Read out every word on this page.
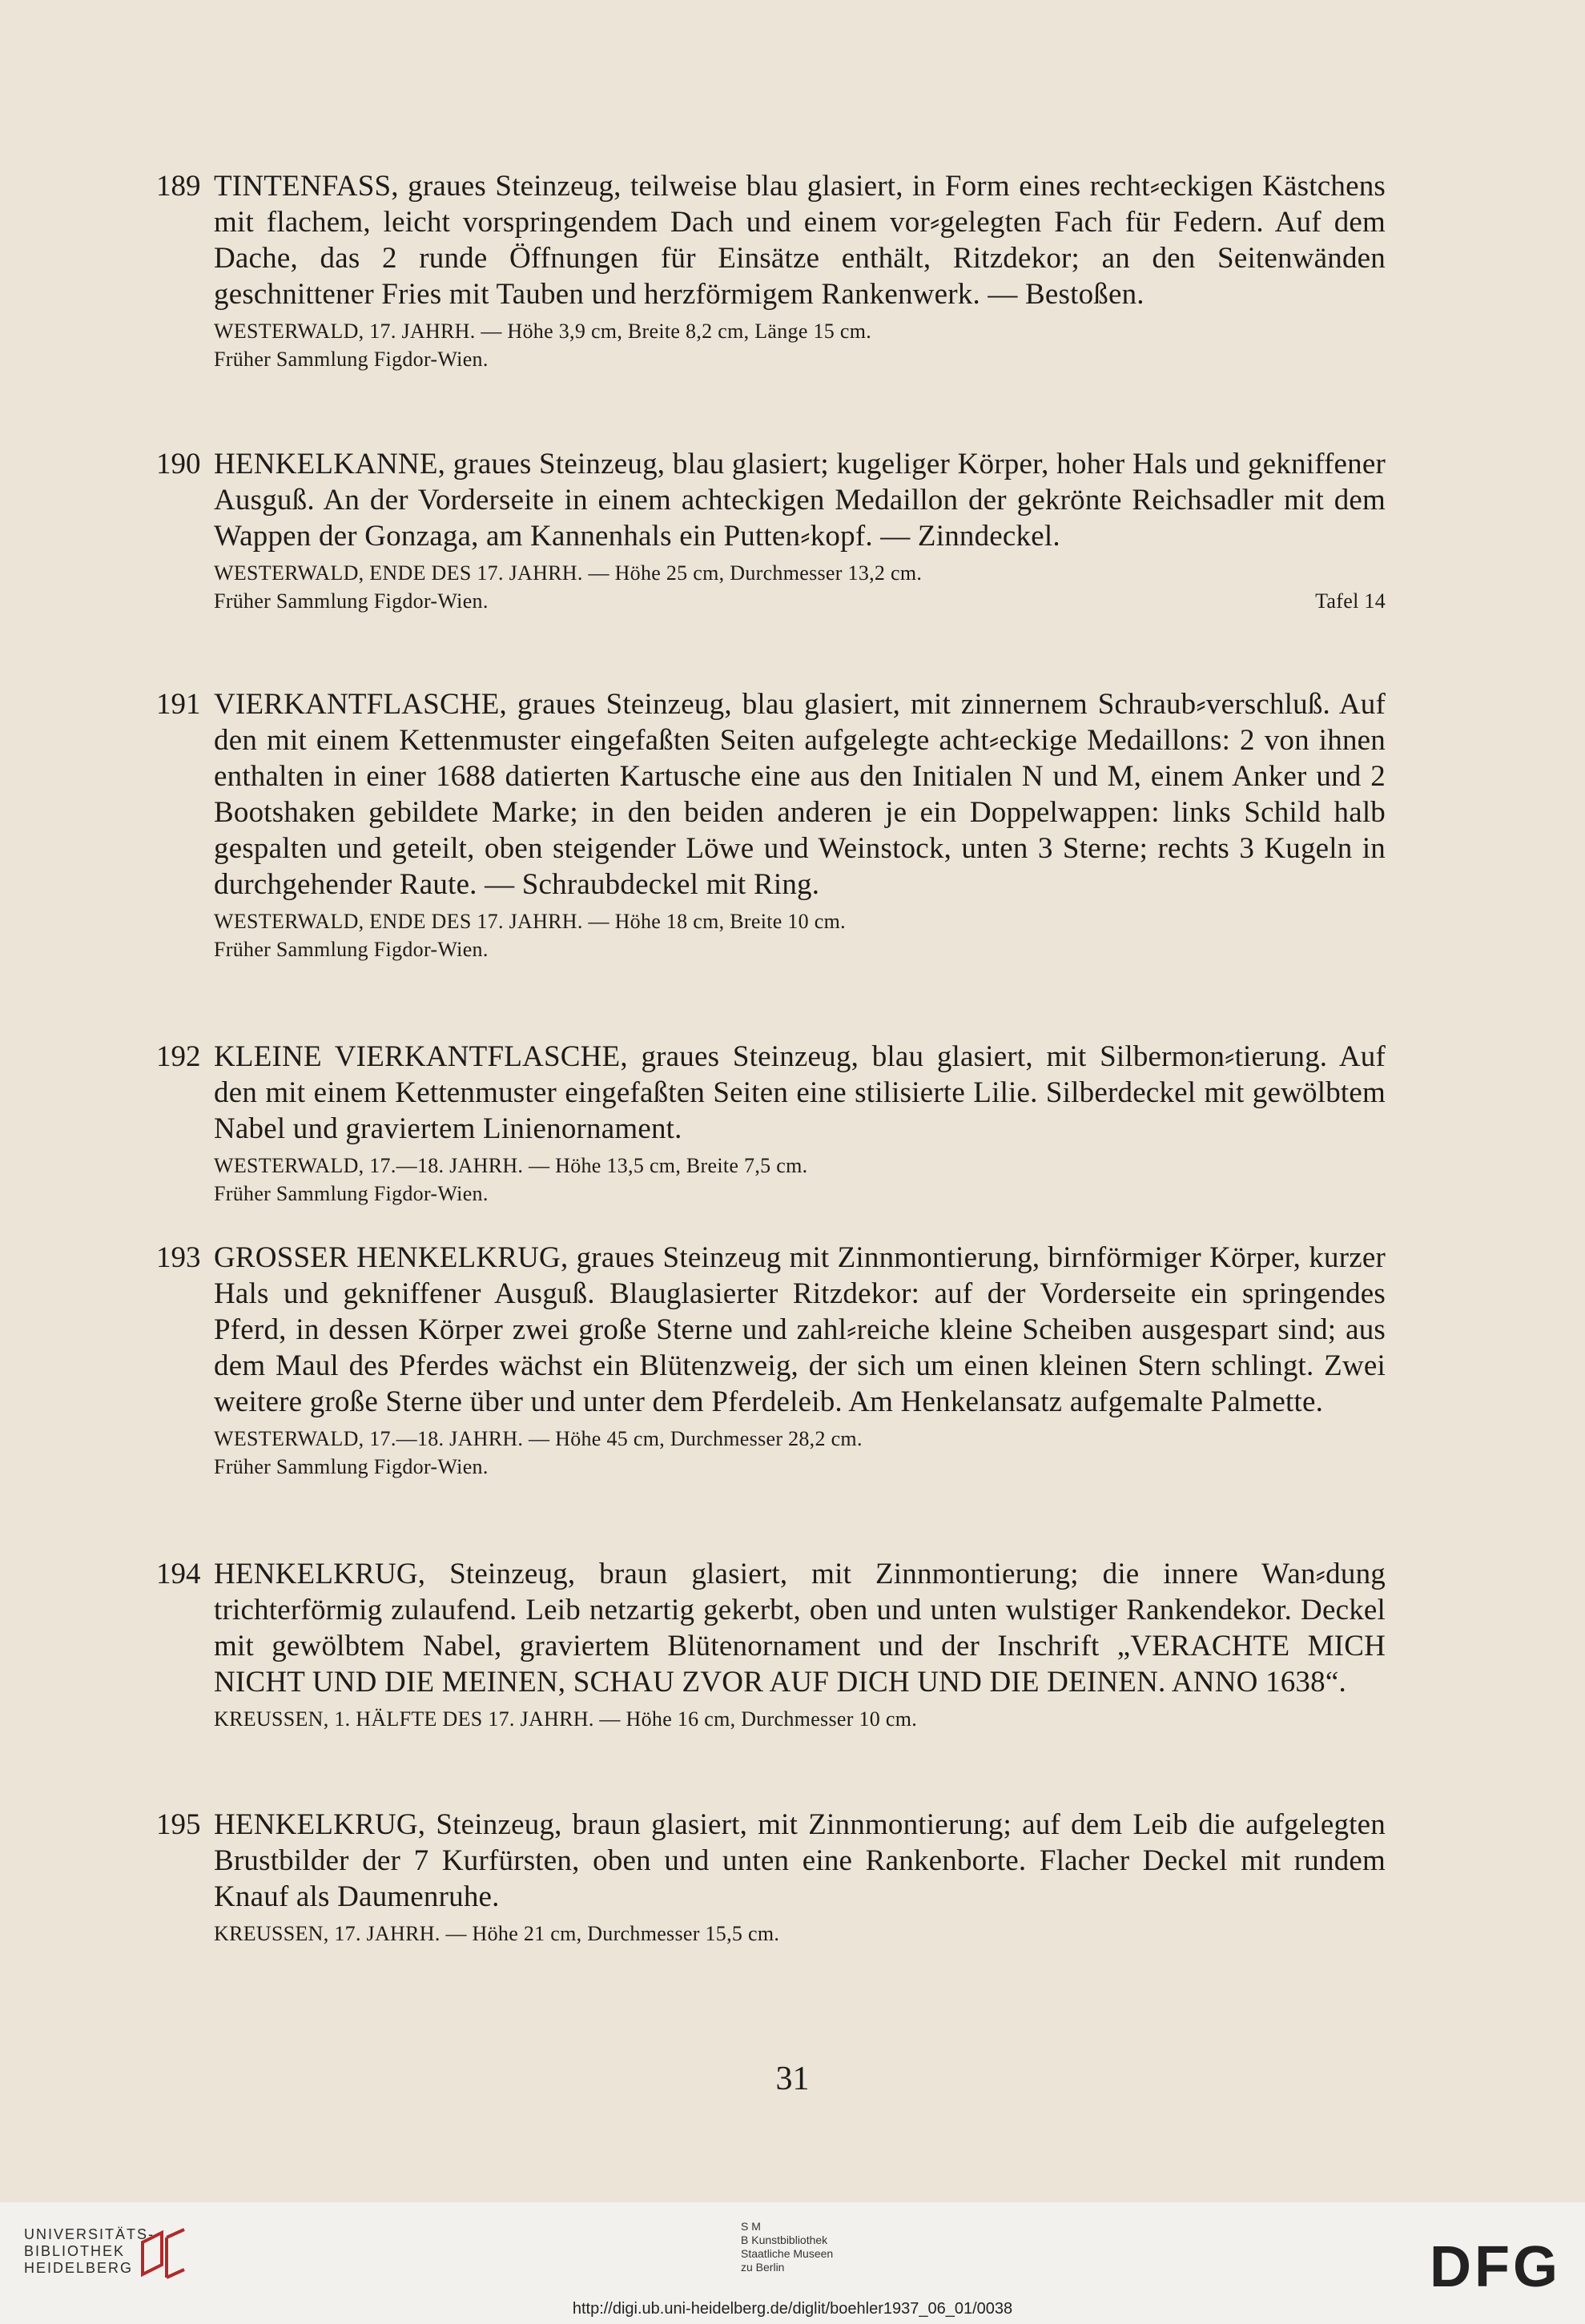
189 TINTENFASS, graues Steinzeug, teilweise blau glasiert, in Form eines recht⸗eckigen Kästchens mit flachem, leicht vorspringendem Dach und einem vor⸗gelegten Fach für Federn. Auf dem Dache, das 2 runde Öffnungen für Einsätze enthält, Ritzdekor; an den Seitenwänden geschnittener Fries mit Tauben und herzförmigem Rankenwerk. — Bestoßen.
WESTERWALD, 17. JAHRH. — Höhe 3,9 cm, Breite 8,2 cm, Länge 15 cm.
Früher Sammlung Figdor-Wien.
190 HENKELKANNE, graues Steinzeug, blau glasiert; kugeliger Körper, hoher Hals und gekniffener Ausguß. An der Vorderseite in einem achteckigen Medaillon der gekrönte Reichsadler mit dem Wappen der Gonzaga, am Kannenhals ein Putten⸗kopf. — Zinndeckel.
WESTERWALD, ENDE DES 17. JAHRH. — Höhe 25 cm, Durchmesser 13,2 cm.
Früher Sammlung Figdor-Wien.	Tafel 14
191 VIERKANTFLASCHE, graues Steinzeug, blau glasiert, mit zinnernem Schraub⸗verschluß. Auf den mit einem Kettenmuster eingefaßten Seiten aufgelegte acht⸗eckige Medaillons: 2 von ihnen enthalten in einer 1688 datierten Kartusche eine aus den Initialen N und M, einem Anker und 2 Bootshaken gebildete Marke; in den beiden anderen je ein Doppelwappen: links Schild halb gespalten und geteilt, oben steigender Löwe und Weinstock, unten 3 Sterne; rechts 3 Kugeln in durchgehender Raute. — Schraubdeckel mit Ring.
WESTERWALD, ENDE DES 17. JAHRH. — Höhe 18 cm, Breite 10 cm.
Früher Sammlung Figdor-Wien.
192 KLEINE VIERKANTFLASCHE, graues Steinzeug, blau glasiert, mit Silbermon⸗tierung. Auf den mit einem Kettenmuster eingefaßten Seiten eine stilisierte Lilie. Silberdeckel mit gewölbtem Nabel und graviertem Linienornament.
WESTERWALD, 17.—18. JAHRH. — Höhe 13,5 cm, Breite 7,5 cm.
Früher Sammlung Figdor-Wien.
193 GROSSER HENKELKRUG, graues Steinzeug mit Zinnmontierung, birnförmiger Körper, kurzer Hals und gekniffener Ausguß. Blauglasierter Ritzdekor: auf der Vorderseite ein springendes Pferd, in dessen Körper zwei große Sterne und zahl⸗reiche kleine Scheiben ausgespart sind; aus dem Maul des Pferdes wächst ein Blütenzweig, der sich um einen kleinen Stern schlingt. Zwei weitere große Sterne über und unter dem Pferdeleib. Am Henkelansatz aufgemalte Palmette.
WESTERWALD, 17.—18. JAHRH. — Höhe 45 cm, Durchmesser 28,2 cm.
Früher Sammlung Figdor-Wien.
194 HENKELKRUG, Steinzeug, braun glasiert, mit Zinnmontierung; die innere Wan⸗dung trichterförmig zulaufend. Leib netzartig gekerbt, oben und unten wulstiger Rankendekor. Deckel mit gewölbtem Nabel, graviertem Blütenornament und der Inschrift „VERACHTE MICH NICHT UND DIE MEINEN, SCHAU ZVOR AUF DICH UND DIE DEINEN. ANNO 1638“.
KREUSSEN, 1. HÄLFTE DES 17. JAHRH. — Höhe 16 cm, Durchmesser 10 cm.
195 HENKELKRUG, Steinzeug, braun glasiert, mit Zinnmontierung; auf dem Leib die aufgelegten Brustbilder der 7 Kurfürsten, oben und unten eine Rankenborte. Flacher Deckel mit rundem Knauf als Daumenruhe.
KREUSSEN, 17. JAHRH. — Höhe 21 cm, Durchmesser 15,5 cm.
31
UNIVERSITÄTS-
BIBLIOTHEK
HEIDELBERG
S M
B Kunstbibliothek
Staatliche Museen
zu Berlin	DFG
http://digi.ub.uni-heidelberg.de/diglit/boehler1937_06_01/0038
